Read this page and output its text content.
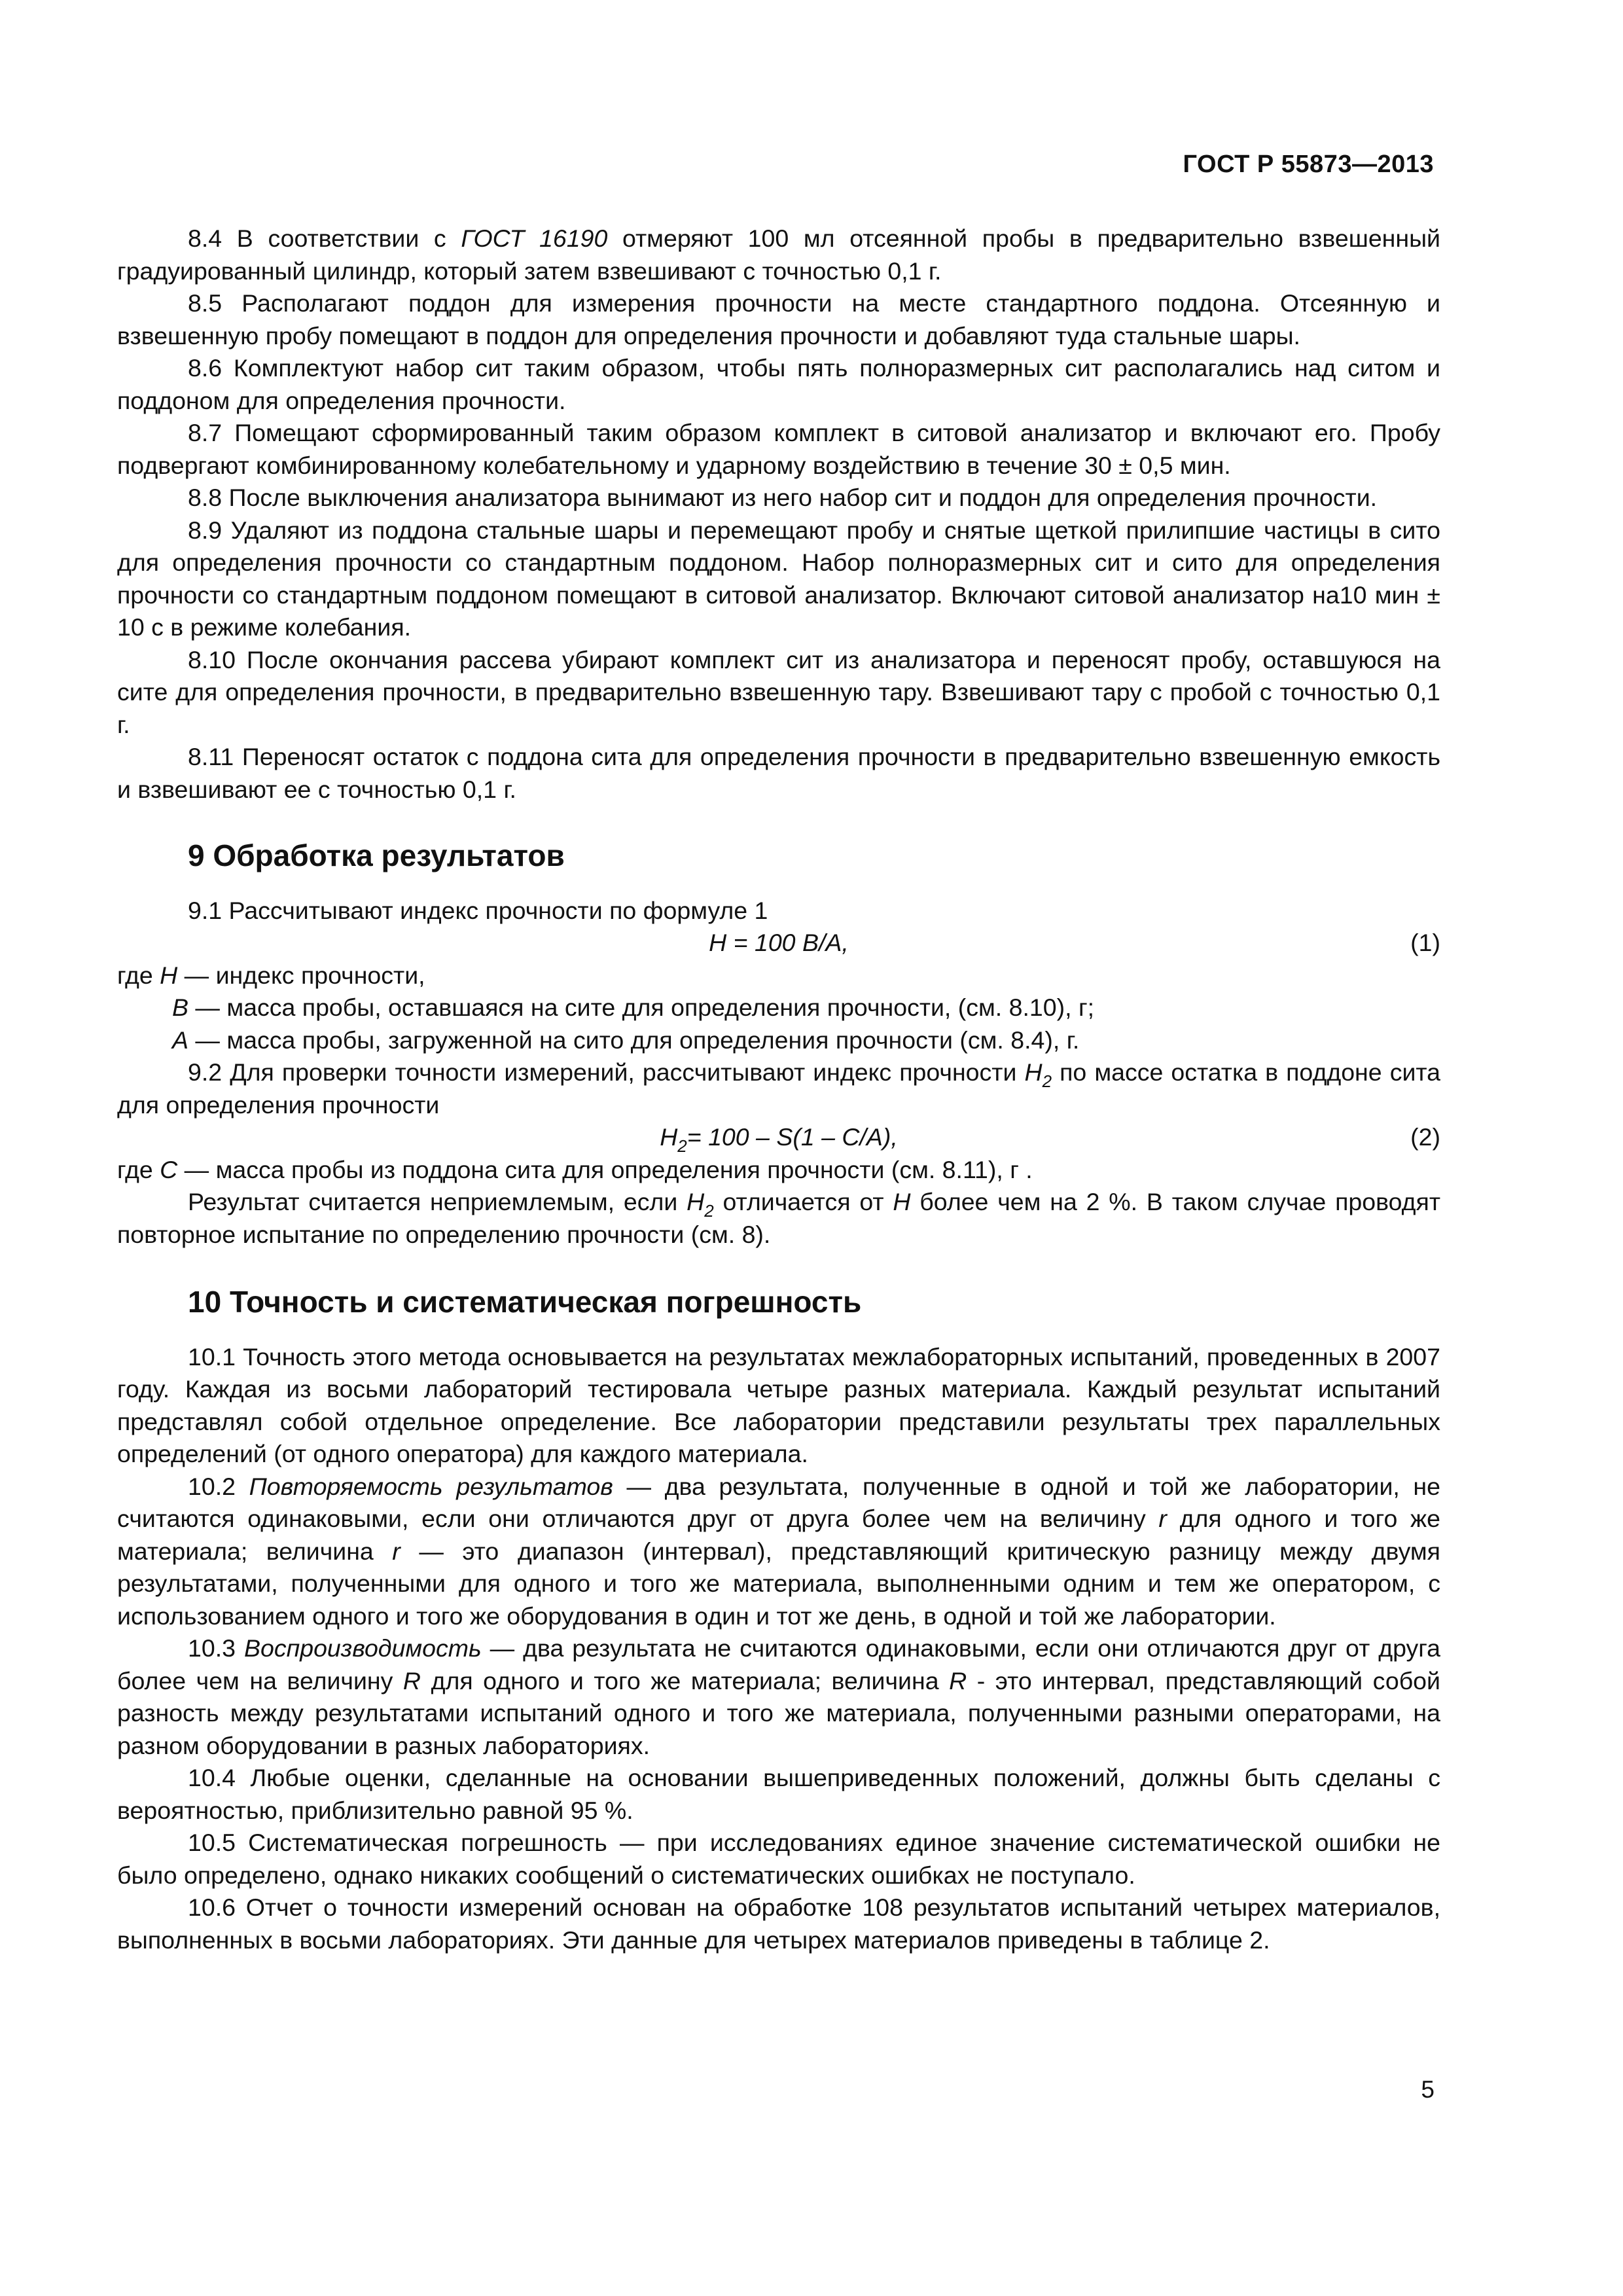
ГОСТ Р 55873—2013

8.4 В соответствии с ГОСТ 16190 отмеряют 100 мл отсеянной пробы в предварительно взвешенный градуированный цилиндр, который затем взвешивают с точностью 0,1 г.

8.5 Располагают поддон для измерения прочности на месте стандартного поддона. Отсеянную и взвешенную пробу помещают в поддон для определения прочности и добавляют туда стальные шары.

8.6 Комплектуют набор сит таким образом, чтобы пять полноразмерных сит располагались над ситом и поддоном для определения прочности.

8.7 Помещают сформированный таким образом комплект в ситовой анализатор и включают его. Пробу подвергают комбинированному колебательному и ударному воздействию в течение 30 ± 0,5 мин.

8.8 После выключения анализатора вынимают из него набор сит и поддон для определения прочности.

8.9 Удаляют из поддона стальные шары и перемещают пробу и снятые щеткой прилипшие частицы в сито для определения прочности со стандартным поддоном. Набор полноразмерных сит и сито для определения прочности со стандартным поддоном помещают в ситовой анализатор. Включают ситовой анализатор на10 мин ± 10 с в режиме колебания.

8.10 После окончания рассева убирают комплект сит из анализатора и переносят пробу, оставшуюся на сите для определения прочности, в предварительно взвешенную тару. Взвешивают тару с пробой с точностью 0,1 г.

8.11 Переносят остаток с поддона сита для определения прочности в предварительно взвешенную емкость и взвешивают ее с точностью 0,1 г.

9 Обработка результатов

9.1 Рассчитывают индекс прочности по формуле 1

H = 100 B/A,	(1)

где H — индекс прочности,

B — масса пробы, оставшаяся на сите для определения прочности, (см. 8.10), г;

A — масса пробы, загруженной на сито для определения прочности (см. 8.4), г.

9.2 Для проверки точности измерений, рассчитывают индекс прочности $H_2$ по массе остатка в поддоне сита для определения прочности

$H_2= 100 - S(1 - C/A)$,	(2)

где C — масса пробы из поддона сита для определения прочности (см. 8.11), г .

Результат считается неприемлемым, если $H_2$ отличается от H более чем на 2 %. В таком случае проводят повторное испытание по определению прочности (см. 8).

10 Точность и систематическая погрешность

10.1 Точность этого метода основывается на результатах межлабораторных испытаний, проведенных в 2007 году. Каждая из восьми лабораторий тестировала четыре разных материала. Каждый результат испытаний представлял собой отдельное определение. Все лаборатории представили результаты трех параллельных определений (от одного оператора) для каждого материала.

10.2 Повторяемость результатов — два результата, полученные в одной и той же лаборатории, не считаются одинаковыми, если они отличаются друг от друга более чем на величину r для одного и того же материала; величина r — это диапазон (интервал), представляющий критическую разницу между двумя результатами, полученными для одного и того же материала, выполненными одним и тем же оператором, с использованием одного и того же оборудования в один и тот же день, в одной и той же лаборатории.

10.3 Воспроизводимость — два результата не считаются одинаковыми, если они отличаются друг от друга более чем на величину R для одного и того же материала; величина R - это интервал, представляющий собой разность между результатами испытаний одного и того же материала, полученными разными операторами, на разном оборудовании в разных лабораториях.

10.4 Любые оценки, сделанные на основании вышеприведенных положений, должны быть сделаны с вероятностью, приблизительно равной 95 %.

10.5 Систематическая погрешность — при исследованиях единое значение систематической ошибки не было определено, однако никаких сообщений о систематических ошибках не поступало.

10.6 Отчет о точности измерений основан на обработке 108 результатов испытаний четырех материалов, выполненных в восьми лабораториях. Эти данные для четырех материалов приведены в таблице 2.

5
